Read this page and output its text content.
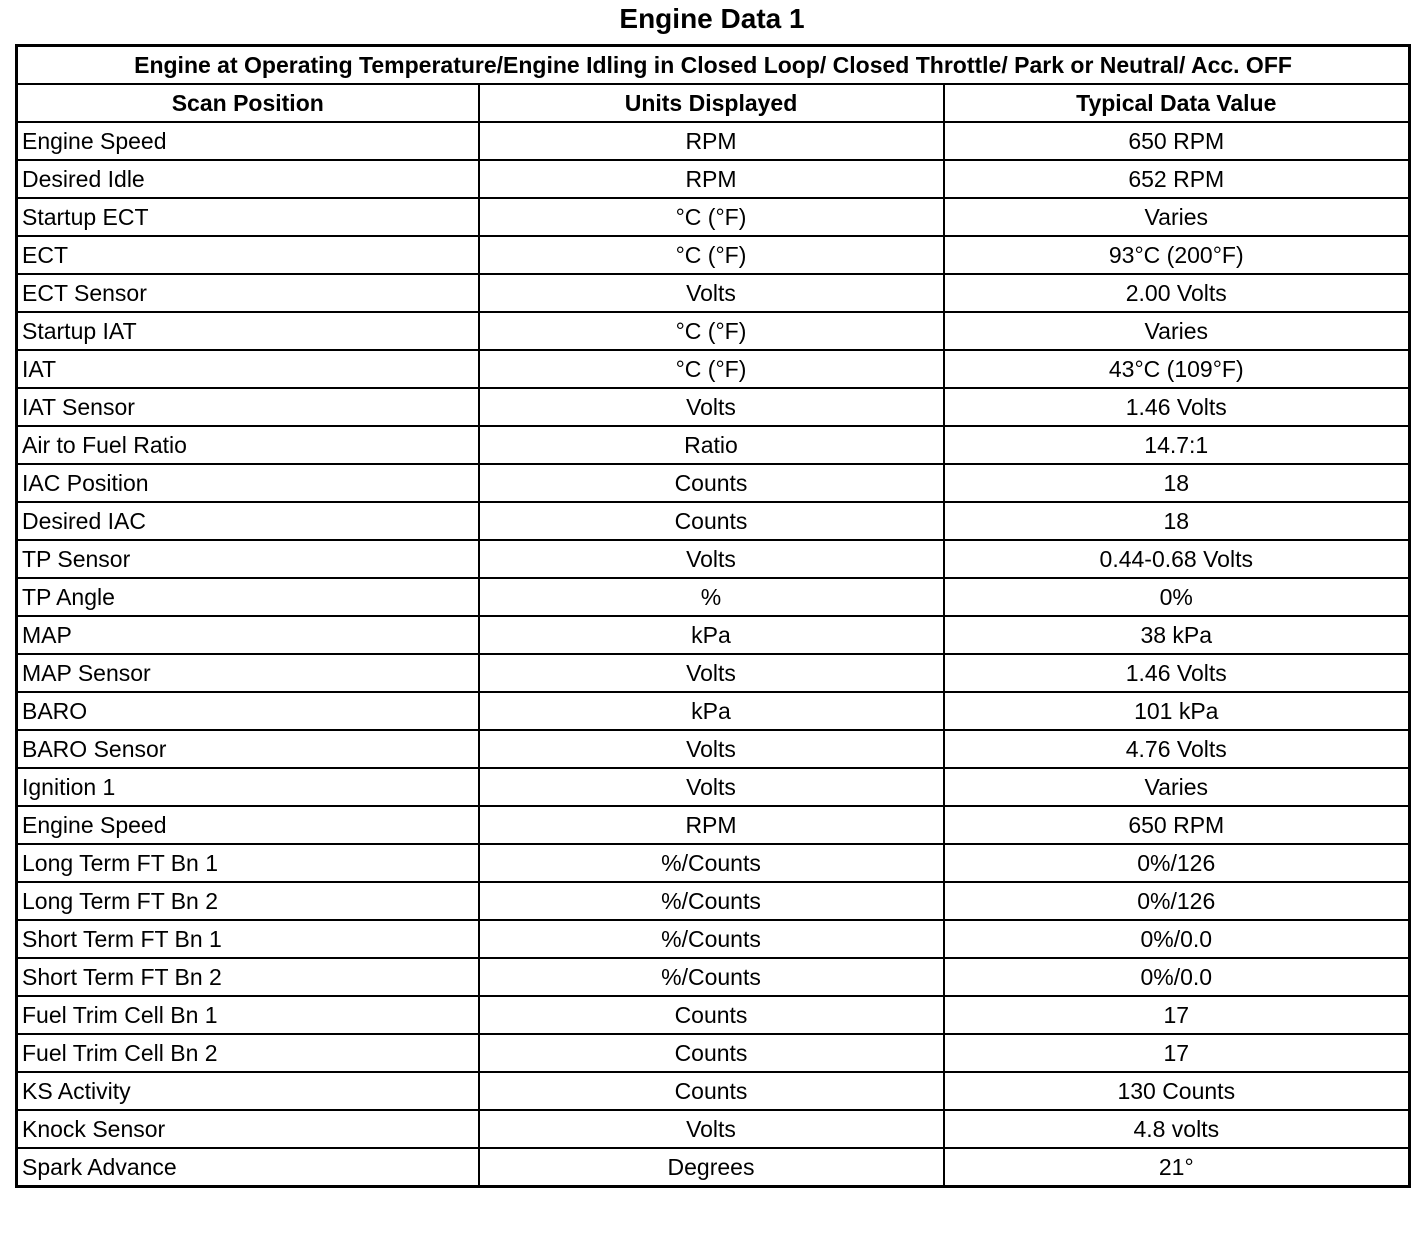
Engine Data 1
Engine at Operating Temperature/Engine Idling in Closed Loop/ Closed Throttle/ Park or Neutral/ Acc. OFF		
Scan Position	Units Displayed	Typical Data Value
Engine Speed	RPM	650 RPM
Desired Idle	RPM	652 RPM
Startup ECT	°C (°F)	Varies
ECT	°C (°F)	93°C (200°F)
ECT Sensor	Volts	2.00 Volts
Startup IAT	°C (°F)	Varies
IAT	°C (°F)	43°C (109°F)
IAT Sensor	Volts	1.46 Volts
Air to Fuel Ratio	Ratio	14.7:1
IAC Position	Counts	18
Desired IAC	Counts	18
TP Sensor	Volts	0.44-0.68 Volts
TP Angle	%	0%
MAP	kPa	38 kPa
MAP Sensor	Volts	1.46 Volts
BARO	kPa	101 kPa
BARO Sensor	Volts	4.76 Volts
Ignition 1	Volts	Varies
Engine Speed	RPM	650 RPM
Long Term FT Bn 1	%/Counts	0%/126
Long Term FT Bn 2	%/Counts	0%/126
Short Term FT Bn 1	%/Counts	0%/0.0
Short Term FT Bn 2	%/Counts	0%/0.0
Fuel Trim Cell Bn 1	Counts	17
Fuel Trim Cell Bn 2	Counts	17
KS Activity	Counts	130 Counts
Knock Sensor	Volts	4.8 volts
Spark Advance	Degrees	21°
